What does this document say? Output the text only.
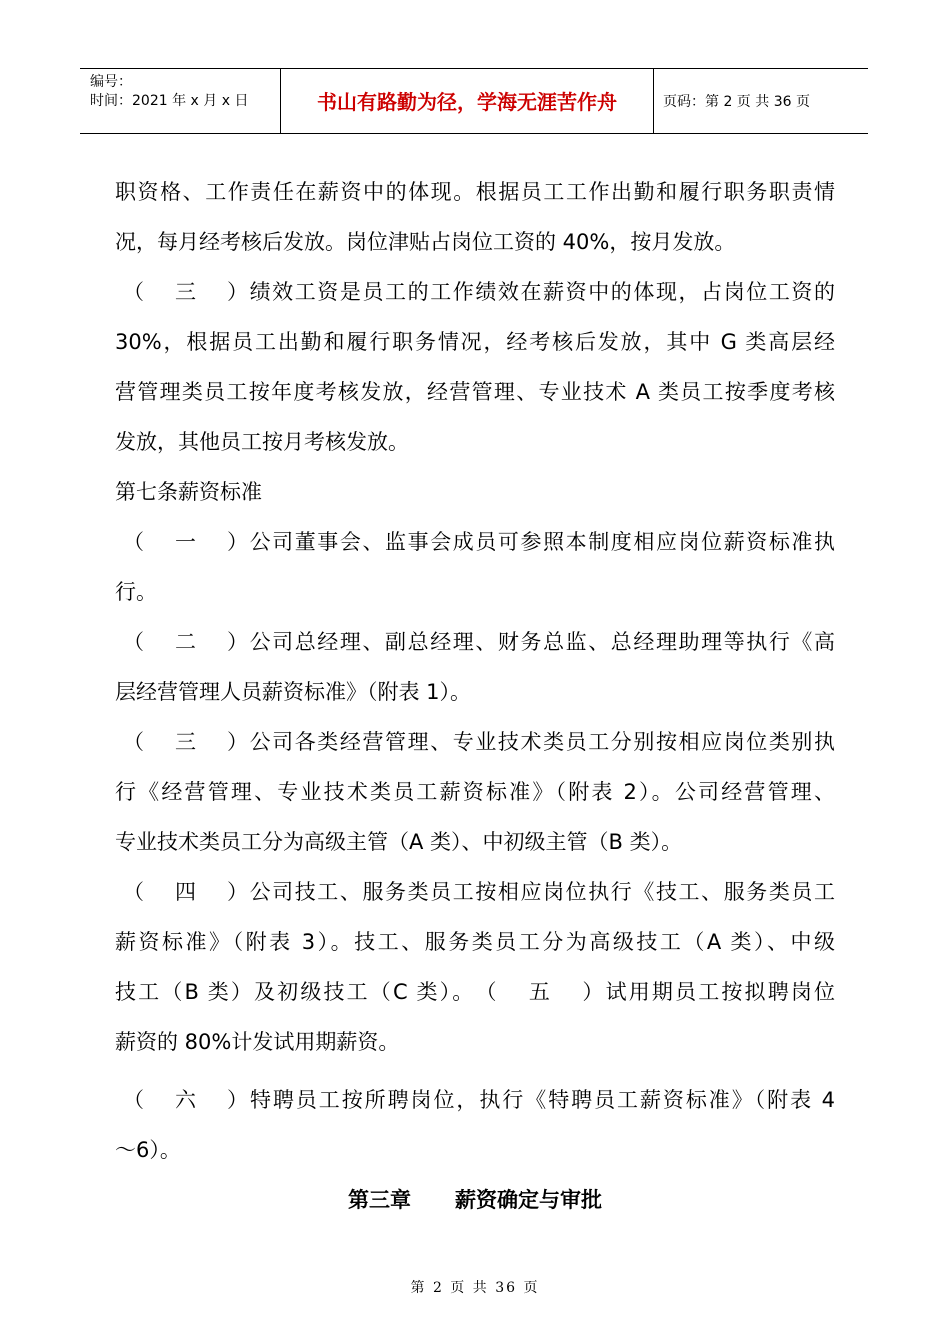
编号：
时间：2021 年 x 月 x 日	书山有路勤为径，学海无涯苦作舟	页码：第 2 页 共 36 页

职资格、工作责任在薪资中的体现。根据员工工作出勤和履行职务职责情

况，每月经考核后发放。岗位津贴占岗位工资的 40%，按月发放。

（三）绩效工资是员工的工作绩效在薪资中的体现，占岗位工资的

30%，根据员工出勤和履行职务情况，经考核后发放，其中 G 类高层经

营管理类员工按年度考核发放，经营管理、专业技术 A 类员工按季度考核

发放，其他员工按月考核发放。

第七条薪资标准

（一）公司董事会、监事会成员可参照本制度相应岗位薪资标准执

行。

（二）公司总经理、副总经理、财务总监、总经理助理等执行《高

层经营管理人员薪资标准》（附表 1）。

（三）公司各类经营管理、专业技术类员工分别按相应岗位类别执

行《经营管理、专业技术类员工薪资标准》（附表 2）。公司经营管理、

专业技术类员工分为高级主管（A 类）、中初级主管（B 类）。

（四）公司技工、服务类员工按相应岗位执行《技工、服务类员工

薪资标准》（附表 3）。技工、服务类员工分为高级技工（A 类）、中级

技工（B 类）及初级技工（C 类）。（五）试用期员工按拟聘岗位

薪资的 80%计发试用期薪资。

（六）特聘员工按所聘岗位，执行《特聘员工薪资标准》（附表 4

～6）。

第三章 薪资确定与审批

第 2 页 共 36 页
